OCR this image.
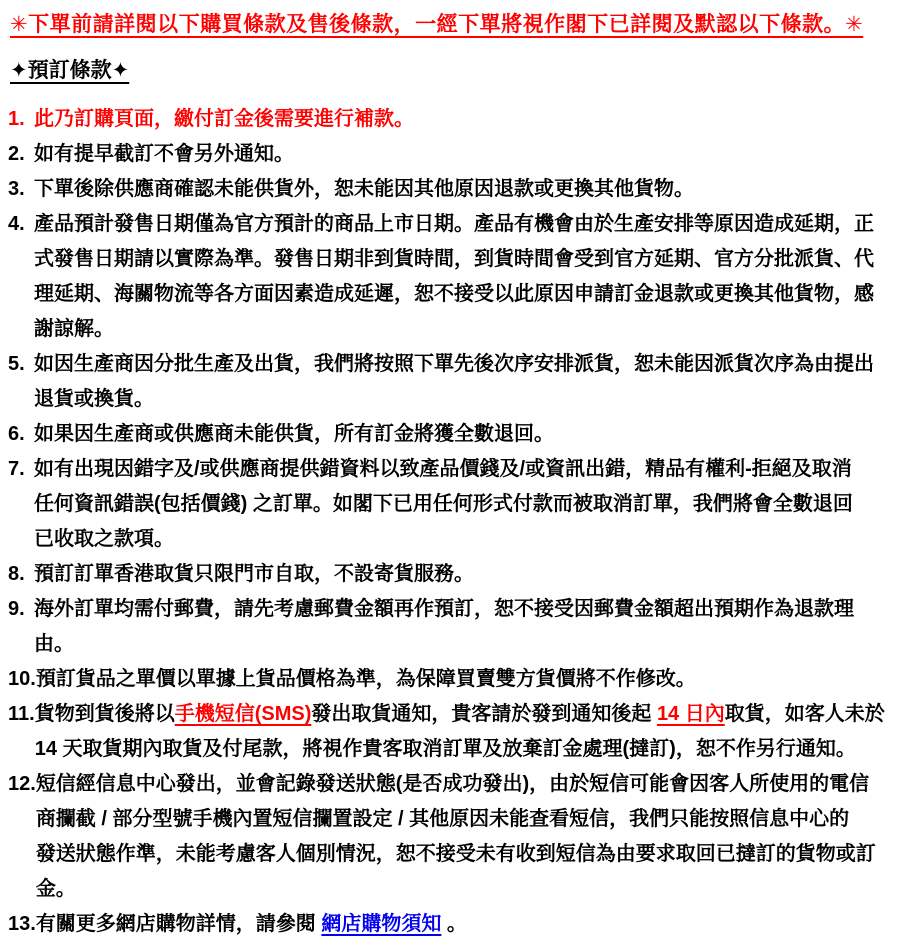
✳下單前請詳閱以下購買條款及售後條款，一經下單將視作閣下已詳閱及默認以下條款。✳
✦預訂條款✦
1. 此乃訂購頁面，繳付訂金後需要進行補款。
2. 如有提早截訂不會另外通知。
3. 下單後除供應商確認未能供貨外，恕未能因其他原因退款或更換其他貨物。
4. 產品預計發售日期僅為官方預計的商品上市日期。產品有機會由於生產安排等原因造成延期，正
式發售日期請以實際為準。發售日期非到貨時間，到貨時間會受到官方延期、官方分批派貨、代
理延期、海關物流等各方面因素造成延遲，恕不接受以此原因申請訂金退款或更換其他貨物，感
謝諒解。
5. 如因生產商因分批生產及出貨，我們將按照下單先後次序安排派貨，恕未能因派貨次序為由提出
退貨或換貨。
6. 如果因生產商或供應商未能供貨，所有訂金將獲全數退回。
7. 如有出現因錯字及/或供應商提供錯資料以致產品價錢及/或資訊出錯，精品有權利-拒絕及取消
任何資訊錯誤(包括價錢) 之訂單。如閣下已用任何形式付款而被取消訂單，我們將會全數退回
已收取之款項。
8. 預訂訂單香港取貨只限門市自取，不設寄貨服務。
9. 海外訂單均需付郵費，請先考慮郵費金額再作預訂，恕不接受因郵費金額超出預期作為退款理
由。
10. 預訂貨品之單價以單據上貨品價格為準，為保障買賣雙方貨價將不作修改。
11. 貨物到貨後將以手機短信(SMS)發出取貨通知，貴客請於發到通知後起 14 日內取貨，如客人未於
14 天取貨期內取貨及付尾款，將視作貴客取消訂單及放棄訂金處理(撻訂)，恕不作另行通知。
12. 短信經信息中心發出，並會記錄發送狀態(是否成功發出)，由於短信可能會因客人所使用的電信
商攔截 / 部分型號手機內置短信攔置設定 / 其他原因未能查看短信，我們只能按照信息中心的
發送狀態作準，未能考慮客人個別情況，恕不接受未有收到短信為由要求取回已撻訂的貨物或訂
金。
13. 有關更多網店購物詳情，請參閱 網店購物須知 。
